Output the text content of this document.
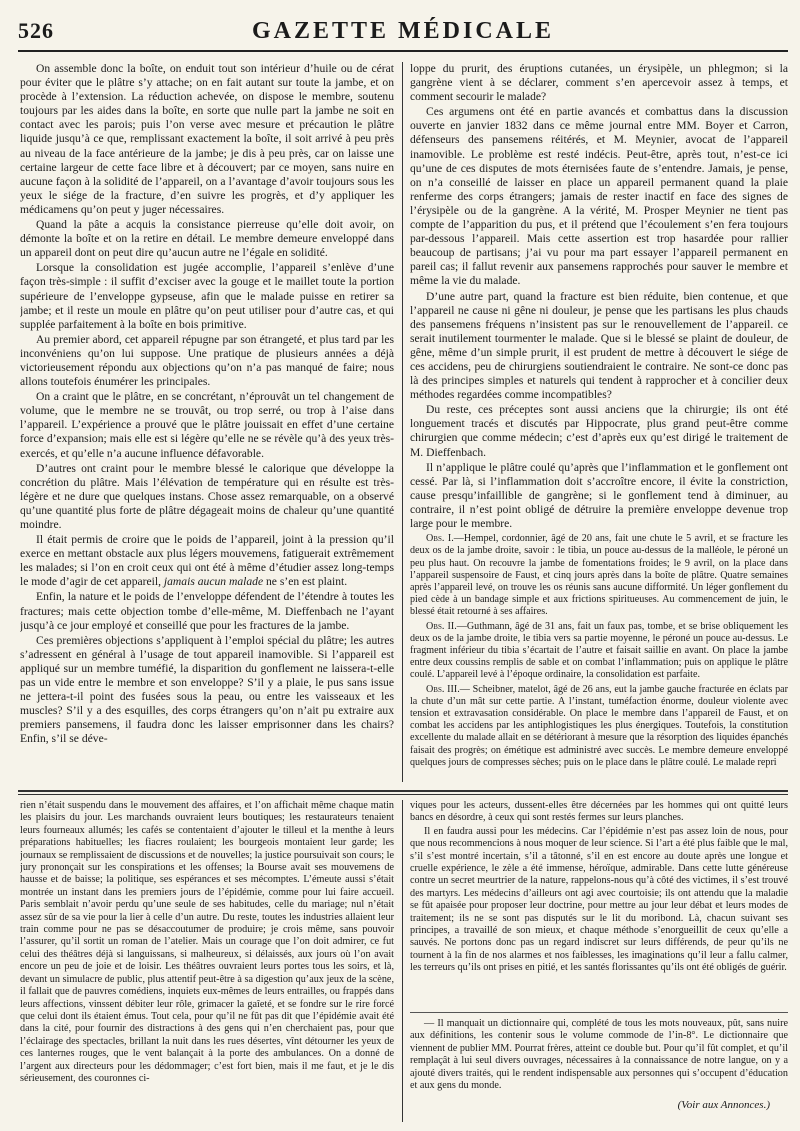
526	GAZETTE MÉDICALE

On assemble donc la boîte, on enduit tout son intérieur d’huile ou de cérat pour éviter que le plâtre s’y attache; on en fait autant sur toute la jambe, et on procède à l’extension. La réduction achevée, on dispose le membre, soutenu toujours par les aides dans la boîte, en sorte que nulle part la jambe ne soit en contact avec les parois; puis l’on verse avec mesure et précaution le plâtre liquide jusqu’à ce que, remplissant exactement la boîte, il soit arrivé à peu près au niveau de la face antérieure de la jambe; je dis à peu près, car on laisse une certaine largeur de cette face libre et à découvert; par ce moyen, sans nuire en aucune façon à la solidité de l’appareil, on a l’avantage d’avoir toujours sous les yeux le siége de la fracture, d’en suivre les progrès, et d’y appliquer les médicamens qu’on peut y juger nécessaires.

Quand la pâte a acquis la consistance pierreuse qu’elle doit avoir, on démonte la boîte et on la retire en détail. Le membre demeure enveloppé dans un appareil dont on peut dire qu’aucun autre ne l’égale en solidité.

Lorsque la consolidation est jugée accomplie, l’appareil s’enlève d’une façon très-simple : il suffit d’exciser avec la gouge et le maillet toute la portion supérieure de l’enveloppe gypseuse, afin que le malade puisse en retirer sa jambe; et il reste un moule en plâtre qu’on peut utiliser pour d’autre cas, et qui supplée parfaitement à la boîte en bois primitive.

Au premier abord, cet appareil répugne par son étrangeté, et plus tard par les inconvéniens qu’on lui suppose. Une pratique de plusieurs années a déjà victorieusement répondu aux objections qu’on n’a pas manqué de faire; nous allons toutefois énumérer les principales.

On a craint que le plâtre, en se concrétant, n’éprouvât un tel changement de volume, que le membre ne se trouvât, ou trop serré, ou trop à l’aise dans l’appareil. L’expérience a prouvé que le plâtre jouissait en effet d’une certaine force d’expansion; mais elle est si légère qu’elle ne se révèle qu’à des yeux très-exercés, et qu’elle n’a aucune influence défavorable.

D’autres ont craint pour le membre blessé le calorique que développe la concrétion du plâtre. Mais l’élévation de température qui en résulte est très-légère et ne dure que quelques instans. Chose assez remarquable, on a observé qu’une quantité plus forte de plâtre dégageait moins de chaleur qu’une quantité moindre.

Il était permis de croire que le poids de l’appareil, joint à la pression qu’il exerce en mettant obstacle aux plus légers mouvemens, fatiguerait extrêmement les malades; si l’on en croit ceux qui ont été à même d’étudier assez long-temps le mode d’agir de cet appareil, jamais aucun malade ne s’en est plaint.

Enfin, la nature et le poids de l’enveloppe défendent de l’étendre à toutes les fractures; mais cette objection tombe d’elle-même, M. Dieffenbach ne l’ayant jusqu’à ce jour employé et conseillé que pour les fractures de la jambe.

Ces premières objections s’appliquent à l’emploi spécial du plâtre; les autres s’adressent en général à l’usage de tout appareil inamovible. Si l’appareil est appliqué sur un membre tuméfié, la disparition du gonflement ne laissera-t-elle pas un vide entre le membre et son enveloppe? S’il y a plaie, le pus sans issue ne jettera-t-il point des fusées sous la peau, ou entre les vaisseaux et les muscles? S’il y a des esquilles, des corps étrangers qu’on n’ait pu extraire aux premiers pansemens, il faudra donc les laisser emprisonner dans les chairs? Enfin, s’il se déve-

loppe du prurit, des éruptions cutanées, un érysipèle, un phlegmon; si la gangrène vient à se déclarer, comment s’en apercevoir assez à temps, et comment secourir le malade?

Ces argumens ont été en partie avancés et combattus dans la discussion ouverte en janvier 1832 dans ce même journal entre MM. Boyer et Carron, défenseurs des pansemens réitérés, et M. Meynier, avocat de l’appareil inamovible. Le problème est resté indécis. Peut-être, après tout, n’est-ce ici qu’une de ces disputes de mots éternisées faute de s’entendre. Jamais, je pense, on n’a conseillé de laisser en place un appareil permanent quand la plaie renferme des corps étrangers; jamais de rester inactif en face des signes de l’érysipèle ou de la gangrène. A la vérité, M. Prosper Meynier ne tient pas compte de l’apparition du pus, et il prétend que l’écoulement s’en fera toujours par-dessous l’appareil. Mais cette assertion est trop hasardée pour rallier beaucoup de partisans; j’ai vu pour ma part essayer l’appareil permanent en pareil cas; il fallut revenir aux pansemens rapprochés pour sauver le membre et même la vie du malade.

D’une autre part, quand la fracture est bien réduite, bien contenue, et que l’appareil ne cause ni gêne ni douleur, je pense que les partisans les plus chauds des pansemens fréquens n’insistent pas sur le renouvellement de l’appareil. ce serait inutilement tourmenter le malade. Que si le blessé se plaint de douleur, de gêne, même d’un simple prurit, il est prudent de mettre à découvert le siége de ces accidens, peu de chirurgiens soutiendraient le contraire. Ne sont-ce donc pas là des principes simples et naturels qui tendent à rapprocher et à concilier deux méthodes regardées comme incompatibles?

Du reste, ces préceptes sont aussi anciens que la chirurgie; ils ont été longuement tracés et discutés par Hippocrate, plus grand peut-être comme chirurgien que comme médecin; c’est d’après eux qu’est dirigé le traitement de M. Dieffenbach.

Il n’applique le plâtre coulé qu’après que l’inflammation et le gonflement ont cessé. Par là, si l’inflammation doit s’accroître encore, il évite la constriction, cause presqu’infaillible de gangrène; si le gonflement tend à diminuer, au contraire, il n’est point obligé de détruire la première enveloppe devenue trop large pour le membre.

Obs. I.—Hempel, cordonnier, âgé de 20 ans, fait une chute le 5 avril, et se fracture les deux os de la jambe droite, savoir : le tibia, un pouce au-dessus de la malléole, le péroné un peu plus haut. On recouvre la jambe de fomentations froides; le 9 avril, on la place dans l’appareil suspensoire de Faust, et cinq jours après dans la boîte de plâtre. Quatre semaines après l’appareil levé, on trouve les os réunis sans aucune difformité. Un léger gonflement du pied cède à un bandage simple et aux frictions spiritueuses. Au commencement de juin, le blessé était retourné à ses affaires.

Obs. II.—Guthmann, âgé de 31 ans, fait un faux pas, tombe, et se brise obliquement les deux os de la jambe droite, le tibia vers sa partie moyenne, le péroné un pouce au-dessus. Le fragment inférieur du tibia s’écartait de l’autre et faisait saillie en avant. On place la jambe entre deux coussins remplis de sable et on combat l’inflammation; puis on applique le plâtre coulé. L’appareil levé à l’époque ordinaire, la consolidation est parfaite.

Obs. III.— Scheibner, matelot, âgé de 26 ans, eut la jambe gauche fracturée en éclats par la chute d’un mât sur cette partie. A l’instant, tuméfaction énorme, douleur violente avec tension et extravasation considérable. On place le membre dans l’appareil de Faust, et on combat les accidens par les antiphlogistiques les plus énergiques. Toutefois, la constitution excellente du malade allait en se détériorant à mesure que la résorption des liquides épanchés faisait des progrès; on émétique est administré avec succès. Le membre demeure enveloppé quelques jours de compresses sèches; puis on le place dans le plâtre coulé. Le malade repri

rien n’était suspendu dans le mouvement des affaires, et l’on affichait même chaque matin les plaisirs du jour. Les marchands ouvraient leurs boutiques; les restaurateurs tenaient leurs fourneaux allumés; les cafés se contentaient d’ajouter le tilleul et la menthe à leurs préparations habituelles; les fiacres roulaient; les bourgeois montaient leur garde; les journaux se remplissaient de discussions et de nouvelles; la justice poursuivait son cours; le jury prononçait sur les conspirations et les offenses; la Bourse avait ses mouvemens de hausse et de baisse; la politique, ses espérances et ses mécomptes. L’émeute aussi s’était montrée un instant dans les premiers jours de l’épidémie, comme pour lui faire accueil. Paris semblait n’avoir perdu qu’une seule de ses habitudes, celle du mariage; nul n’était assez sûr de sa vie pour la lier à celle d’un autre. Du reste, toutes les industries allaient leur train comme pour ne pas se désaccoutumer de produire; je crois même, sans pouvoir l’assurer, qu’il sortit un roman de l’atelier. Mais un courage que l’on doit admirer, ce fut celui des théâtres déjà si languissans, si malheureux, si délaissés, aux jours où l’on avait encore un peu de joie et de loisir. Les théâtres ouvraient leurs portes tous les soirs, et là, devant un simulacre de public, plus attentif peut-être à sa digestion qu’aux jeux de la scène, il fallait que de pauvres comédiens, inquiets eux-mêmes de leurs entrailles, ou frappés dans leurs affections, vinssent débiter leur rôle, grimacer la gaîeté, et se fondre sur le rire forcé que celui dont ils étaient émus. Tout cela, pour qu’il ne fût pas dit que l’épidémie avait été dans la cité, pour fournir des distractions à des gens qui n’en cherchaient pas, pour que l’éclairage des spectacles, brillant la nuit dans les rues désertes, vînt détourner les yeux de ces lanternes rouges, que le vent balançait à la porte des ambulances. On a donné de l’argent aux directeurs pour les dédommager; c’est fort bien, mais il me faut, et je le dis sérieusement, des couronnes ci-

viques pour les acteurs, dussent-elles être décernées par les hommes qui ont quitté leurs bancs en désordre, à ceux qui sont restés fermes sur leurs planches.

Il en faudra aussi pour les médecins. Car l’épidémie n’est pas assez loin de nous, pour que nous recommencions à nous moquer de leur science. Si l’art a été plus faible que le mal, s’il s’est montré incertain, s’il a tâtonné, s’il en est encore au doute après une longue et cruelle expérience, le zèle a été immense, héroïque, admirable. Dans cette lutte généreuse contre un secret meurtrier de la nature, rappelons-nous qu’à côté des victimes, il s’est trouvé des martyrs. Les médecins d’ailleurs ont agi avec courtoisie; ils ont attendu que la maladie se fût apaisée pour proposer leur doctrine, pour mettre au jour leur débat et leurs modes de traitement; ils ne se sont pas disputés sur le lit du moribond. Là, chacun suivant ses principes, a travaillé de son mieux, et chaque méthode s’enorgueillit de ceux qu’elle a sauvés. Ne portons donc pas un regard indiscret sur leurs différends, de peur qu’ils ne tournent à la fin de nos alarmes et nos faiblesses, les imaginations qu’il leur a fallu calmer, les terreurs qu’ils ont prises en pitié, et les santés florissantes qu’ils ont été obligés de guérir.

— Il manquait un dictionnaire qui, complété de tous les mots nouveaux, pût, sans nuire aux définitions, les contenir sous le volume commode de l’in-8°. Le dictionnaire que viennent de publier MM. Pourrat frères, atteint ce double but. Pour qu’il fût complet, et qu’il remplaçât à lui seul divers ouvrages, nécessaires à la connaissance de notre langue, on y a ajouté divers traités, qui le rendent indispensable aux personnes qui s’occupent d’éducation et aux gens du monde.

(Voir aux Annonces.)
